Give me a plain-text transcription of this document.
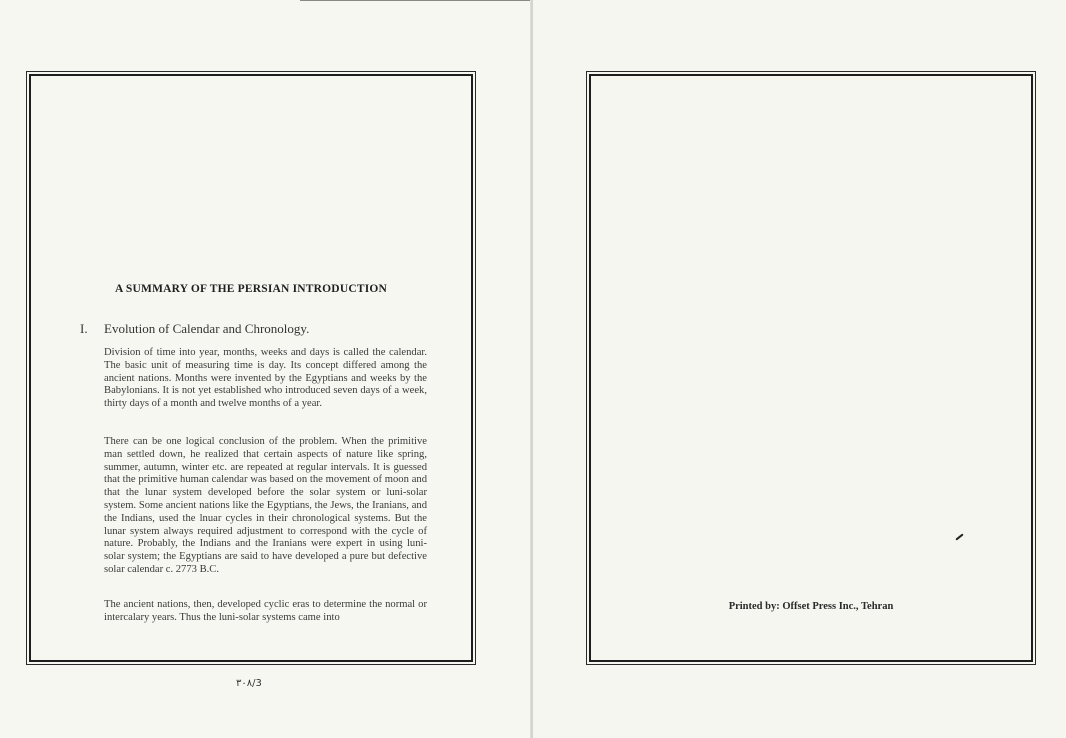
A SUMMARY OF THE PERSIAN INTRODUCTION
I. Evolution of Calendar and Chronology.
Division of time into year, months, weeks and days is called the calendar. The basic unit of measuring time is day. Its concept differed among the ancient nations. Months were invented by the Egyptians and weeks by the Babylonians. It is not yet established who introduced seven days of a week, thirty days of a month and twelve months of a year.
There can be one logical conclusion of the problem. When the primitive man settled down, he realized that certain aspects of nature like spring, summer, autumn, winter etc. are repeated at regular intervals. It is guessed that the primitive human calendar was based on the movement of moon and that the lunar system developed before the solar system or luni-solar system. Some ancient nations like the Egyptians, the Jews, the Iranians, and the Indians, used the lnuar cycles in their chronological systems. But the lunar system always required adjustment to correspond with the cycle of nature. Probably, the Indians and the Iranians were expert in using luni-solar system; the Egyptians are said to have developed a pure but defective solar calendar c. 2773 B.C.
The ancient nations, then, developed cyclic eras to determine the normal or intercalary years. Thus the luni-solar systems came into
٣٠٨/3
Printed by: Offset Press Inc., Tehran
